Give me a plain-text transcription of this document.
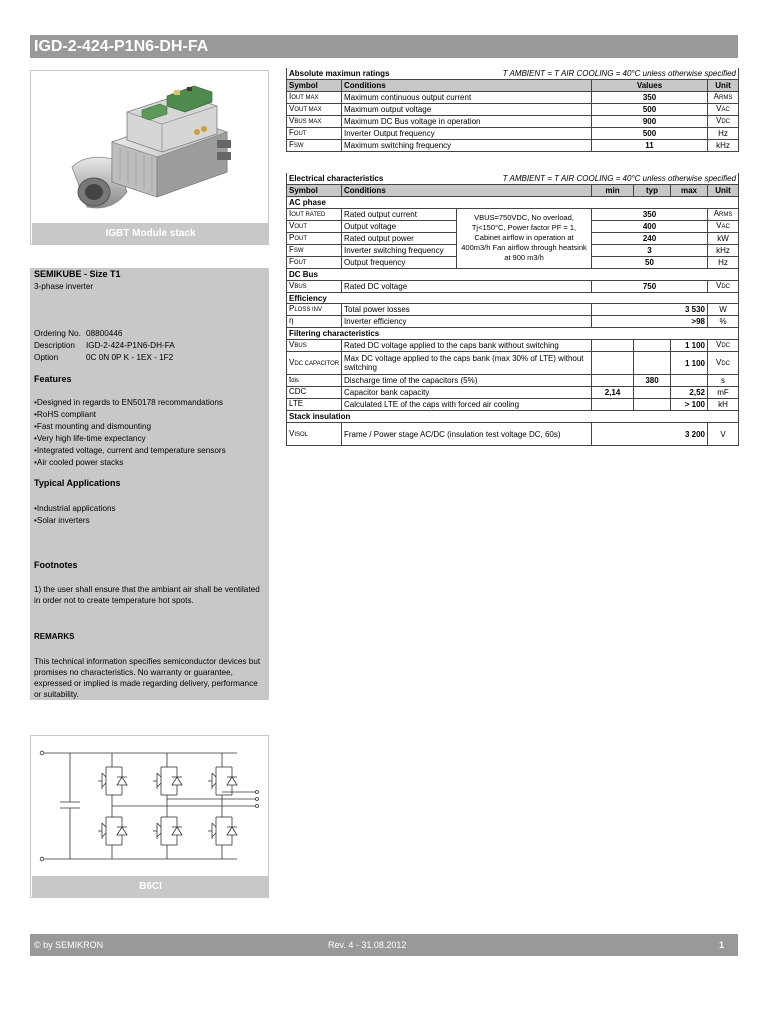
IGD-2-424-P1N6-DH-FA
IGBT Module stack
SEMIKUBE - Size T1
3-phase inverter
Ordering No. 08800446
Description IGD-2-424-P1N6-DH-FA
Option	0C 0N 0P K - 1EX - 1F2
Features
• Designed in regards to EN50178 recommandations
• RoHS compliant
• Fast mounting and dismounting
• Very high life-time expectancy
• Integrated voltage, current and temperature sensors
• Air cooled power stacks
Typical Applications
• Industrial applications
• Solar inverters
Footnotes
1) the user shall ensure that the ambiant air shall be ventilated in order not to create temperature hot spots.
REMARKS
This technical information specifies semiconductor devices but promises no characteristics. No warranty or guarantee, expressed or implied is made regarding delivery, performance or suitability.
B6CI
Absolute maximun ratings T AMBIENT = T AIR COOLING = 40°C unless otherwise specified			

Symbol	Conditions	Values	Unit
IOUT MAX	Maximum continuous output current	350	ARMS
VOUT MAX	Maximum output voltage	500	VAC
VBUS MAX	Maximum DC Bus voltage in operation	900	VDC
FOUT	Inverter Output frequency	500	Hz
FSW	Maximum switching frequency	11	kHz
Electrical characteristics T AMBIENT = T AIR COOLING = 40°C unless otherwise specified						

Symbol	Conditions		min	typ	max	Unit
AC phase						
IOUT RATED	Rated output current	VBUS=750VDC, No overload, Tj<150°C, Power factor PF = 1, Cabinet airflow in operation at 400m3/h Fan airflow through heatsink at 900 m3/h	350			ARMS
VOUT	Output voltage		400			VAC
POUT	Rated output power		240			kW
FSW	Inverter switching frequency		3			kHz
FOUT	Output frequency		50			Hz
DC Bus						
VBUS	Rated DC voltage		750			VDC
Efficiency						
PLOSS INV	Total power losses		3 530			W
η	Inverter efficiency		>98			%
Filtering characteristics						
VBUS	Rated DC voltage applied to the caps bank without switching				1 100	VDC
VDC CAPACITOR	Max DC voltage applied to the caps bank (max 30% of LTE) without switching				1 100	VDC
tdis	Discharge time of the capacitors (5%)			380		s
CDC	Capacitor bank capacity		2,14		2,52	mF
LTE	Calculated LTE of the caps with forced air cooling				> 100	kH
Stack insulation						
VISOL	Frame / Power stage AC/DC (insulation test voltage DC, 60s)		3 200			V
© by SEMIKRON	Rev. 4 - 31.08.2012	1
